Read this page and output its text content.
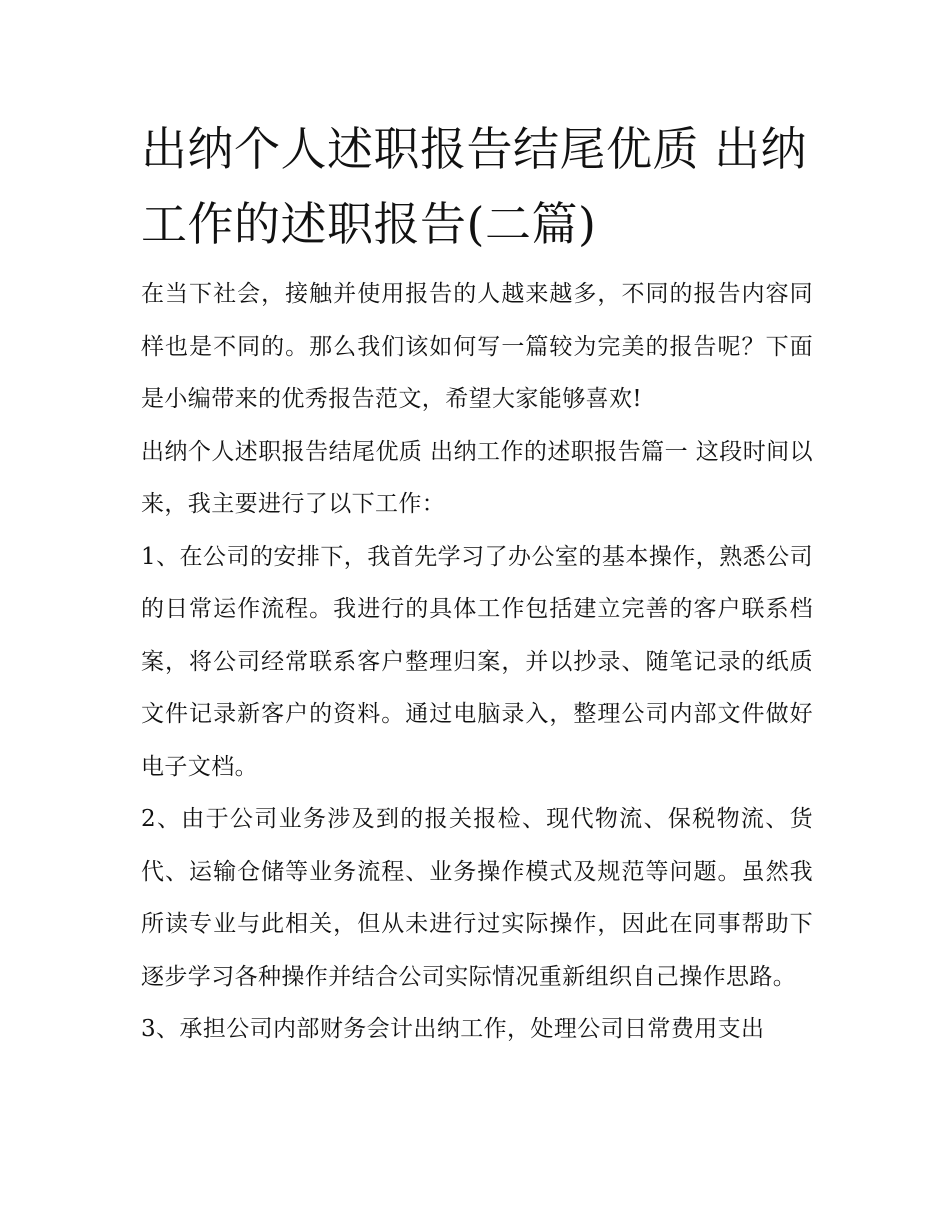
出纳个人述职报告结尾优质 出纳工作的述职报告(二篇)

在当下社会，接触并使用报告的人越来越多，不同的报告内容同样也是不同的。那么我们该如何写一篇较为完美的报告呢？下面是小编带来的优秀报告范文，希望大家能够喜欢!

出纳个人述职报告结尾优质 出纳工作的述职报告篇一 这段时间以来，我主要进行了以下工作：

1、在公司的安排下，我首先学习了办公室的基本操作，熟悉公司的日常运作流程。我进行的具体工作包括建立完善的客户联系档案，将公司经常联系客户整理归案，并以抄录、随笔记录的纸质文件记录新客户的资料。通过电脑录入，整理公司内部文件做好电子文档。

2、由于公司业务涉及到的报关报检、现代物流、保税物流、货代、运输仓储等业务流程、业务操作模式及规范等问题。虽然我所读专业与此相关，但从未进行过实际操作，因此在同事帮助下逐步学习各种操作并结合公司实际情况重新组织自己操作思路。

3、承担公司内部财务会计出纳工作，处理公司日常费用支出
